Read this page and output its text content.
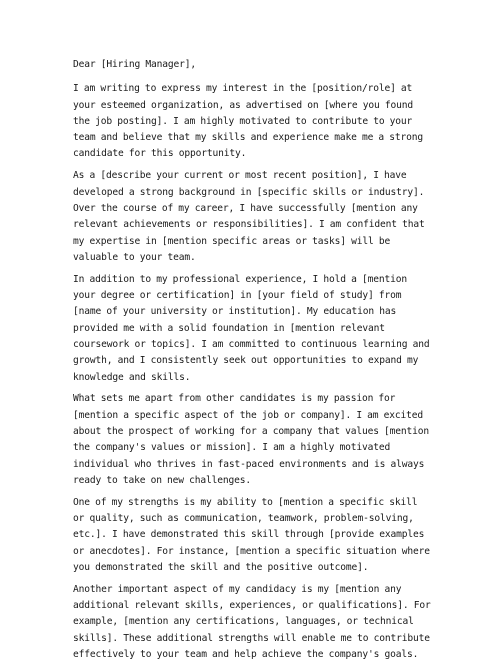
Dear [Hiring Manager],

I am writing to express my interest in the [position/role] at your esteemed organization, as advertised on [where you found the job posting]. I am highly motivated to contribute to your team and believe that my skills and experience make me a strong candidate for this opportunity.

As a [describe your current or most recent position], I have developed a strong background in [specific skills or industry]. Over the course of my career, I have successfully [mention any relevant achievements or responsibilities]. I am confident that my expertise in [mention specific areas or tasks] will be valuable to your team.

In addition to my professional experience, I hold a [mention your degree or certification] in [your field of study] from [name of your university or institution]. My education has provided me with a solid foundation in [mention relevant coursework or topics]. I am committed to continuous learning and growth, and I consistently seek out opportunities to expand my knowledge and skills.

What sets me apart from other candidates is my passion for [mention a specific aspect of the job or company]. I am excited about the prospect of working for a company that values [mention the company's values or mission]. I am a highly motivated individual who thrives in fast-paced environments and is always ready to take on new challenges.

One of my strengths is my ability to [mention a specific skill or quality, such as communication, teamwork, problem-solving, etc.]. I have demonstrated this skill through [provide examples or anecdotes]. For instance, [mention a specific situation where you demonstrated the skill and the positive outcome].

Another important aspect of my candidacy is my [mention any additional relevant skills, experiences, or qualifications]. For example, [mention any certifications, languages, or technical skills]. These additional strengths will enable me to contribute effectively to your team and help achieve the company's goals.
